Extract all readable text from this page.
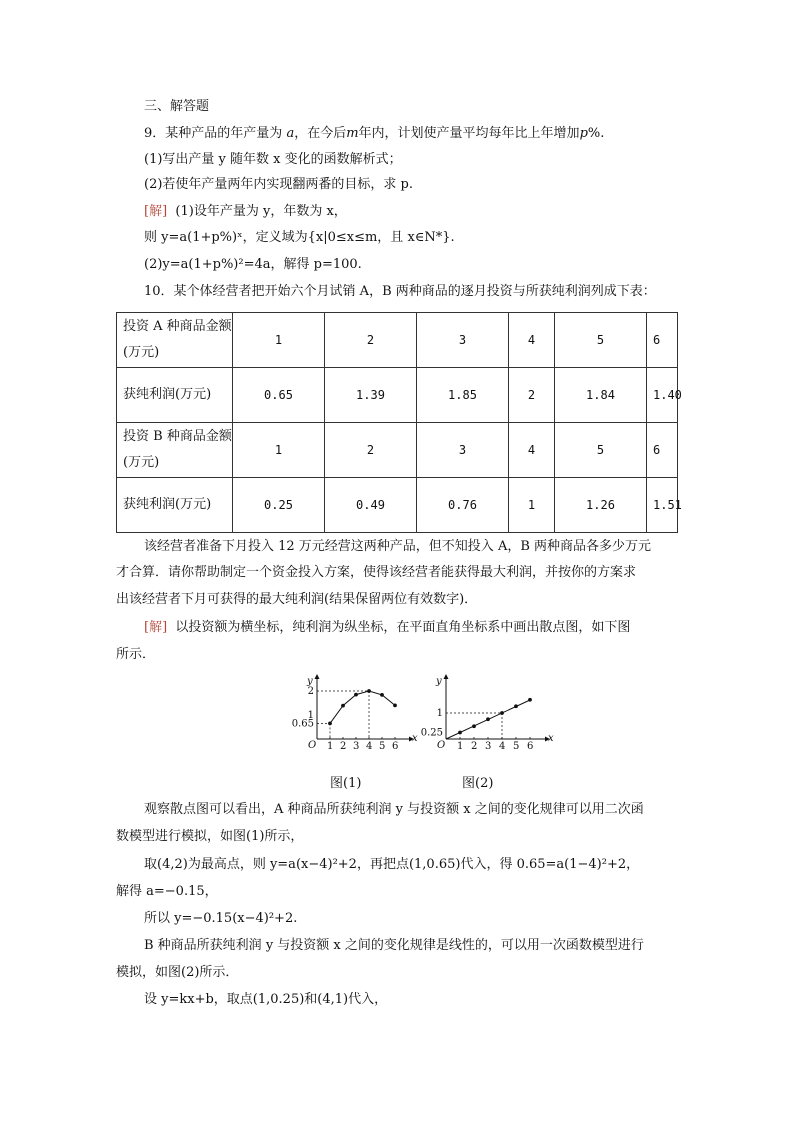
三、解答题
9．某种产品的年产量为 a，在今后m年内，计划使产量平均每年比上年增加p%.
(1)写出产量 y 随年数 x 变化的函数解析式；
(2)若使年产量两年内实现翻两番的目标，求 p.
[解] (1)设年产量为 y，年数为 x，
则 y=a(1+p%)ˣ，定义域为{x|0≤x≤m，且 x∈N*}.
(2)y=a(1+p%)²=4a，解得 p=100.
10．某个体经营者把开始六个月试销 A，B 两种商品的逐月投资与所获纯利润列成下表：
投资 A 种商品金额(万元)	1	2	3	4	5	6
获纯利润(万元)	0.65	1.39	1.85	2	1.84	1.40
投资 B 种商品金额(万元)	1	2	3	4	5	6
获纯利润(万元)	0.25	0.49	0.76	1	1.26	1.51
该经营者准备下月投入 12 万元经营这两种产品，但不知投入 A，B 两种商品各多少万元
才合算．请你帮助制定一个资金投入方案，使得该经营者能获得最大利润，并按你的方案求
出该经营者下月可获得的最大纯利润(结果保留两位有效数字)．
[解] 以投资额为横坐标，纯利润为纵坐标，在平面直角坐标系中画出散点图，如下图
所示．
x
y
O 1 2 3 4 5 6
0.65
1
2
x
y
O 1 2 3 4 5 6
0.25
1
图(1)	图(2)
观察散点图可以看出，A 种商品所获纯利润 y 与投资额 x 之间的变化规律可以用二次函
数模型进行模拟，如图(1)所示，
取(4,2)为最高点，则 y=a(x−4)²+2，再把点(1,0.65)代入，得 0.65=a(1−4)²+2，
解得 a=−0.15，
所以 y=−0.15(x−4)²+2.
B 种商品所获纯利润 y 与投资额 x 之间的变化规律是线性的，可以用一次函数模型进行
模拟，如图(2)所示．
设 y=kx+b，取点(1,0.25)和(4,1)代入，
